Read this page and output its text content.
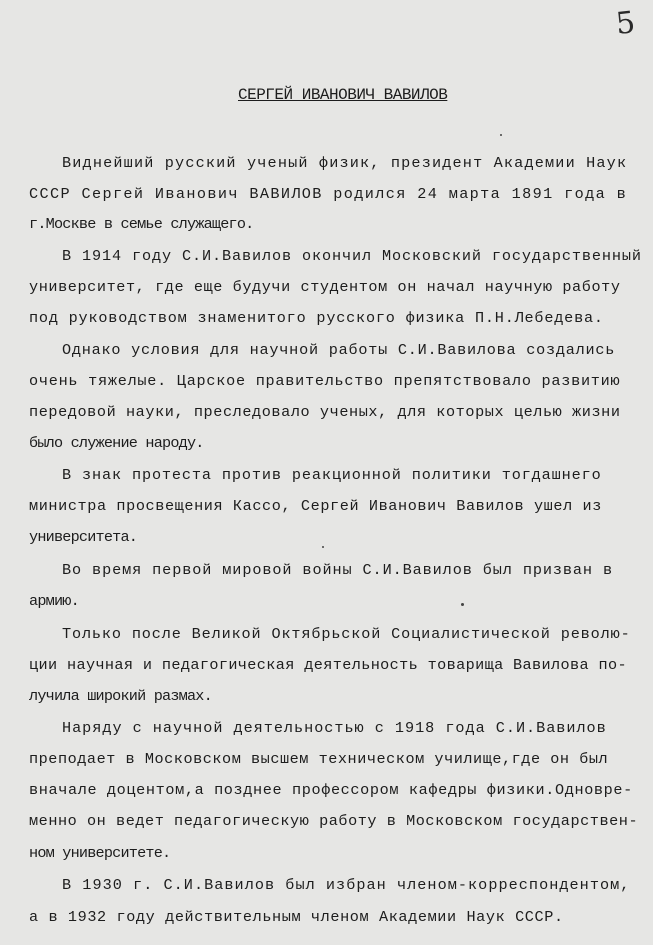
5
СЕРГЕЙ ИВАНОВИЧ ВАВИЛОВ
Виднейший русский ученый физик, президент Академии Наук
СССР Сергей Иванович ВАВИЛОВ родился 24 марта 1891 года в
г.Москве в семье служащего.
В 1914 году С.И.Вавилов окончил Московский государственный
университет, где еще будучи студентом он начал научную работу
под руководством знаменитого русского физика П.Н.Лебедева.
Однако условия для научной работы С.И.Вавилова создались
очень тяжелые. Царское правительство препятствовало развитию
передовой науки, преследовало ученых, для которых целью жизни
было служение народу.
В знак протеста против реакционной политики тогдашнего
министра просвещения Кассо, Сергей Иванович Вавилов ушел из
университета.
Во время первой мировой войны С.И.Вавилов был призван в
армию.
Только после Великой Октябрьской Социалистической револю-
ции научная и педагогическая деятельность товарища Вавилова по-
лучила широкий размах.
Наряду с научной деятельностью с 1918 года С.И.Вавилов
преподает в Московском высшем техническом училище,где он был
вначале доцентом,а позднее профессором кафедры физики.Одновре-
менно он ведет педагогическую работу в Московском государствен-
ном университете.
В 1930 г. С.И.Вавилов был избран членом-корреспондентом,
а в 1932 году действительным членом Академии Наук СССР.
